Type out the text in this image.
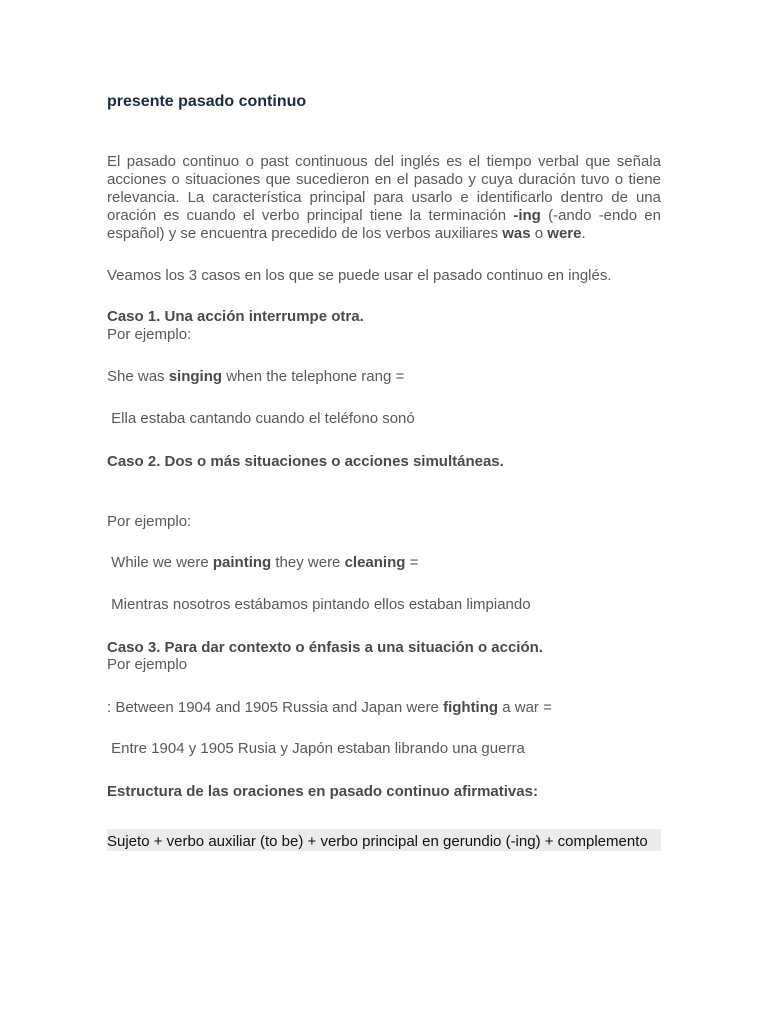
presente pasado continuo

El pasado continuo o past continuous del inglés es el tiempo verbal que señala acciones o situaciones que sucedieron en el pasado y cuya duración tuvo o tiene relevancia. La característica principal para usarlo e identificarlo dentro de una oración es cuando el verbo principal tiene la terminación -ing (-ando -endo en español) y se encuentra precedido de los verbos auxiliares was o were.

Veamos los 3 casos en los que se puede usar el pasado continuo en inglés.

Caso 1. Una acción interrumpe otra.

Por ejemplo:

She was singing when the telephone rang =

Ella estaba cantando cuando el teléfono sonó

Caso 2. Dos o más situaciones o acciones simultáneas.

Por ejemplo:

While we were painting they were cleaning =

Mientras nosotros estábamos pintando ellos estaban limpiando

Caso 3. Para dar contexto o énfasis a una situación o acción.

Por ejemplo

: Between 1904 and 1905 Russia and Japan were fighting a war =

Entre 1904 y 1905 Rusia y Japón estaban librando una guerra

Estructura de las oraciones en pasado continuo afirmativas:

Sujeto + verbo auxiliar (to be) + verbo principal en gerundio (-ing) + complemento
